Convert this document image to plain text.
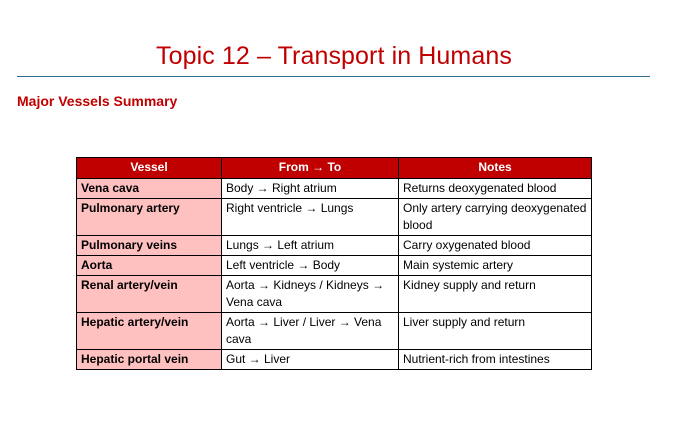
Topic 12 – Transport in Humans
Major Vessels Summary
Vessel	From → To	Notes
Vena cava	Body → Right atrium	Returns deoxygenated blood
Pulmonary artery	Right ventricle → Lungs	Only artery carrying deoxygenated blood
Pulmonary veins	Lungs → Left atrium	Carry oxygenated blood
Aorta	Left ventricle → Body	Main systemic artery
Renal artery/vein	Aorta → Kidneys / Kidneys → Vena cava	Kidney supply and return
Hepatic artery/vein	Aorta → Liver / Liver → Vena cava	Liver supply and return
Hepatic portal vein	Gut → Liver	Nutrient-rich from intestines
